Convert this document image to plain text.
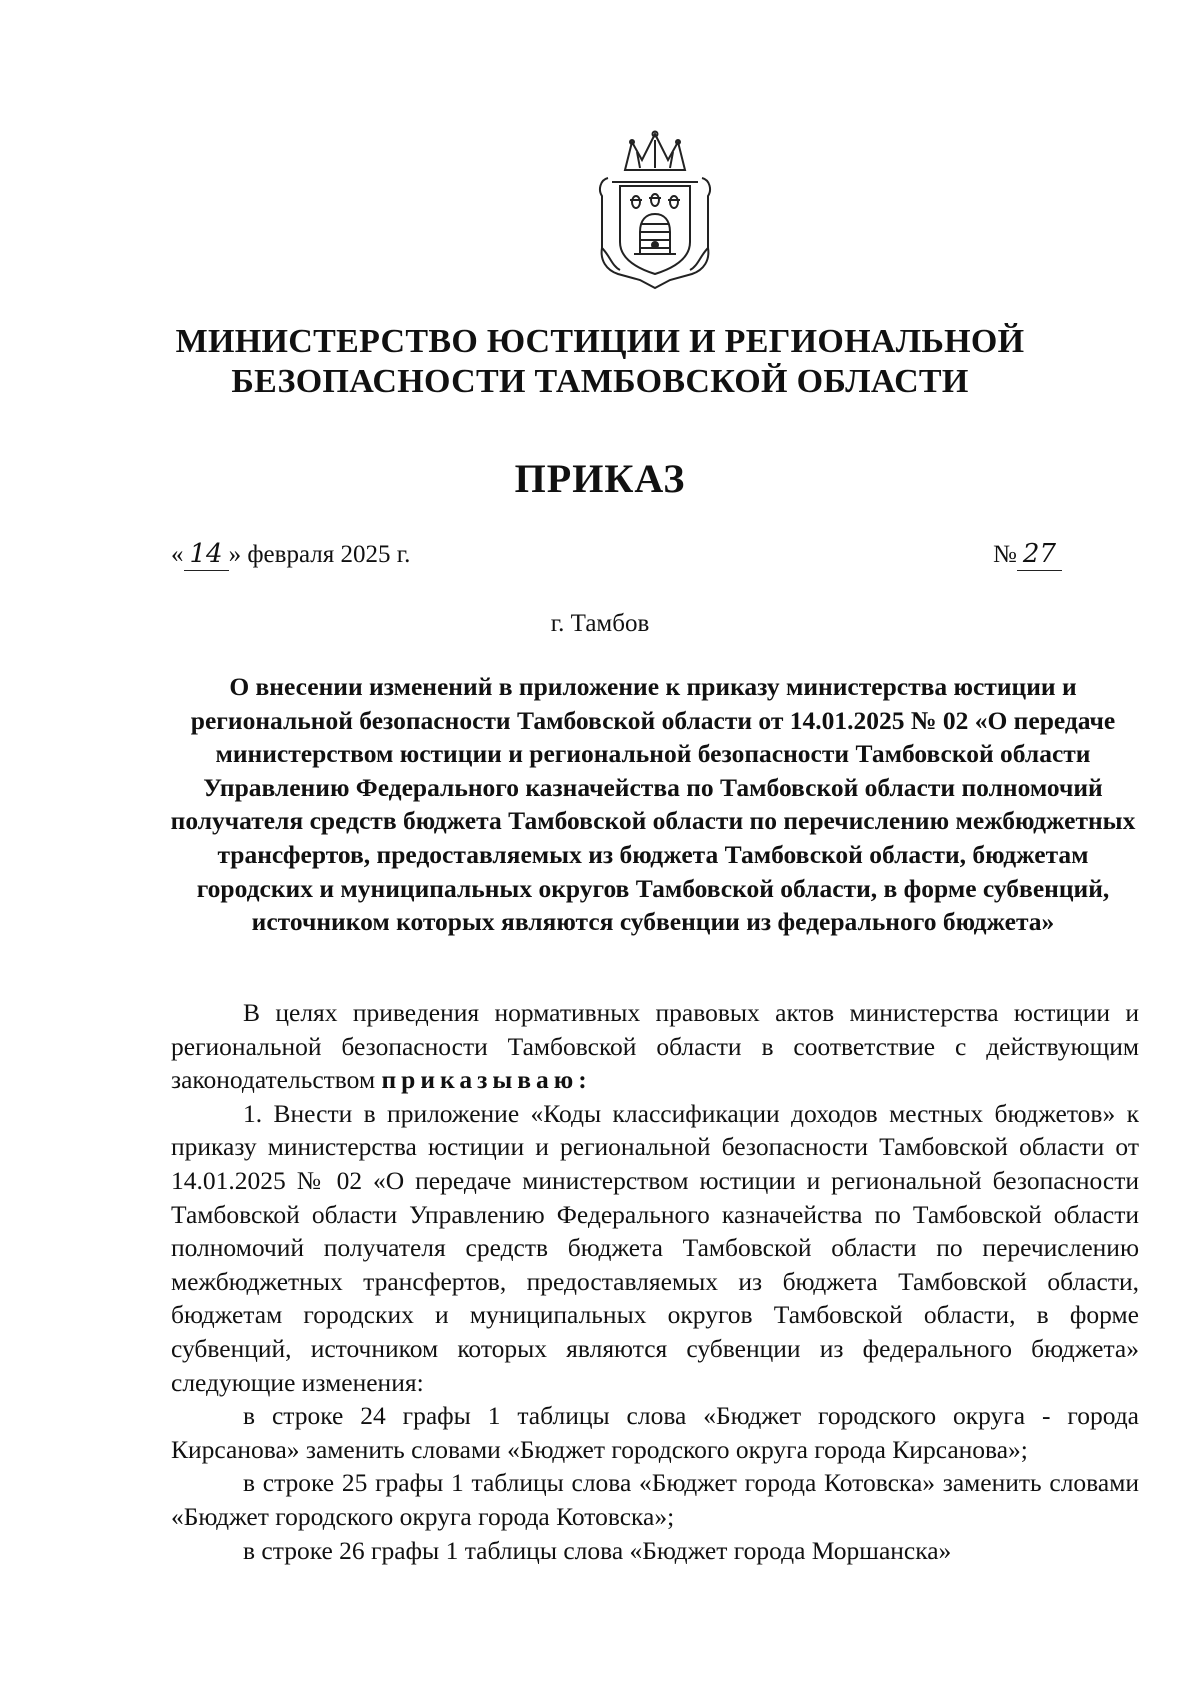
МИНИСТЕРСТВО ЮСТИЦИИ И РЕГИОНАЛЬНОЙ
БЕЗОПАСНОСТИ ТАМБОВСКОЙ ОБЛАСТИ
ПРИКАЗ
« 14 » февраля 2025 г.	№ 27
г. Тамбов
О внесении изменений в приложение к приказу министерства юстиции и региональной безопасности Тамбовской области от 14.01.2025 № 02 «О передаче министерством юстиции и региональной безопасности Тамбовской области Управлению Федерального казначейства по Тамбовской области полномочий получателя средств бюджета Тамбовской области по перечислению межбюджетных трансфертов, предоставляемых из бюджета Тамбовской области, бюджетам городских и муниципальных округов Тамбовской области, в форме субвенций, источником которых являются субвенции из федерального бюджета»

В целях приведения нормативных правовых актов министерства юстиции и региональной безопасности Тамбовской области в соответствие с действующим законодательством приказываю:

1. Внести в приложение «Коды классификации доходов местных бюджетов» к приказу министерства юстиции и региональной безопасности Тамбовской области от 14.01.2025 № 02 «О передаче министерством юстиции и региональной безопасности Тамбовской области Управлению Федерального казначейства по Тамбовской области полномочий получателя средств бюджета Тамбовской области по перечислению межбюджетных трансфертов, предоставляемых из бюджета Тамбовской области, бюджетам городских и муниципальных округов Тамбовской области, в форме субвенций, источником которых являются субвенции из федерального бюджета» следующие изменения:

в строке 24 графы 1 таблицы слова «Бюджет городского округа - города Кирсанова» заменить словами «Бюджет городского округа города Кирсанова»;

в строке 25 графы 1 таблицы слова «Бюджет города Котовска» заменить словами «Бюджет городского округа города Котовска»;

в строке 26 графы 1 таблицы слова «Бюджет города Моршанска»
